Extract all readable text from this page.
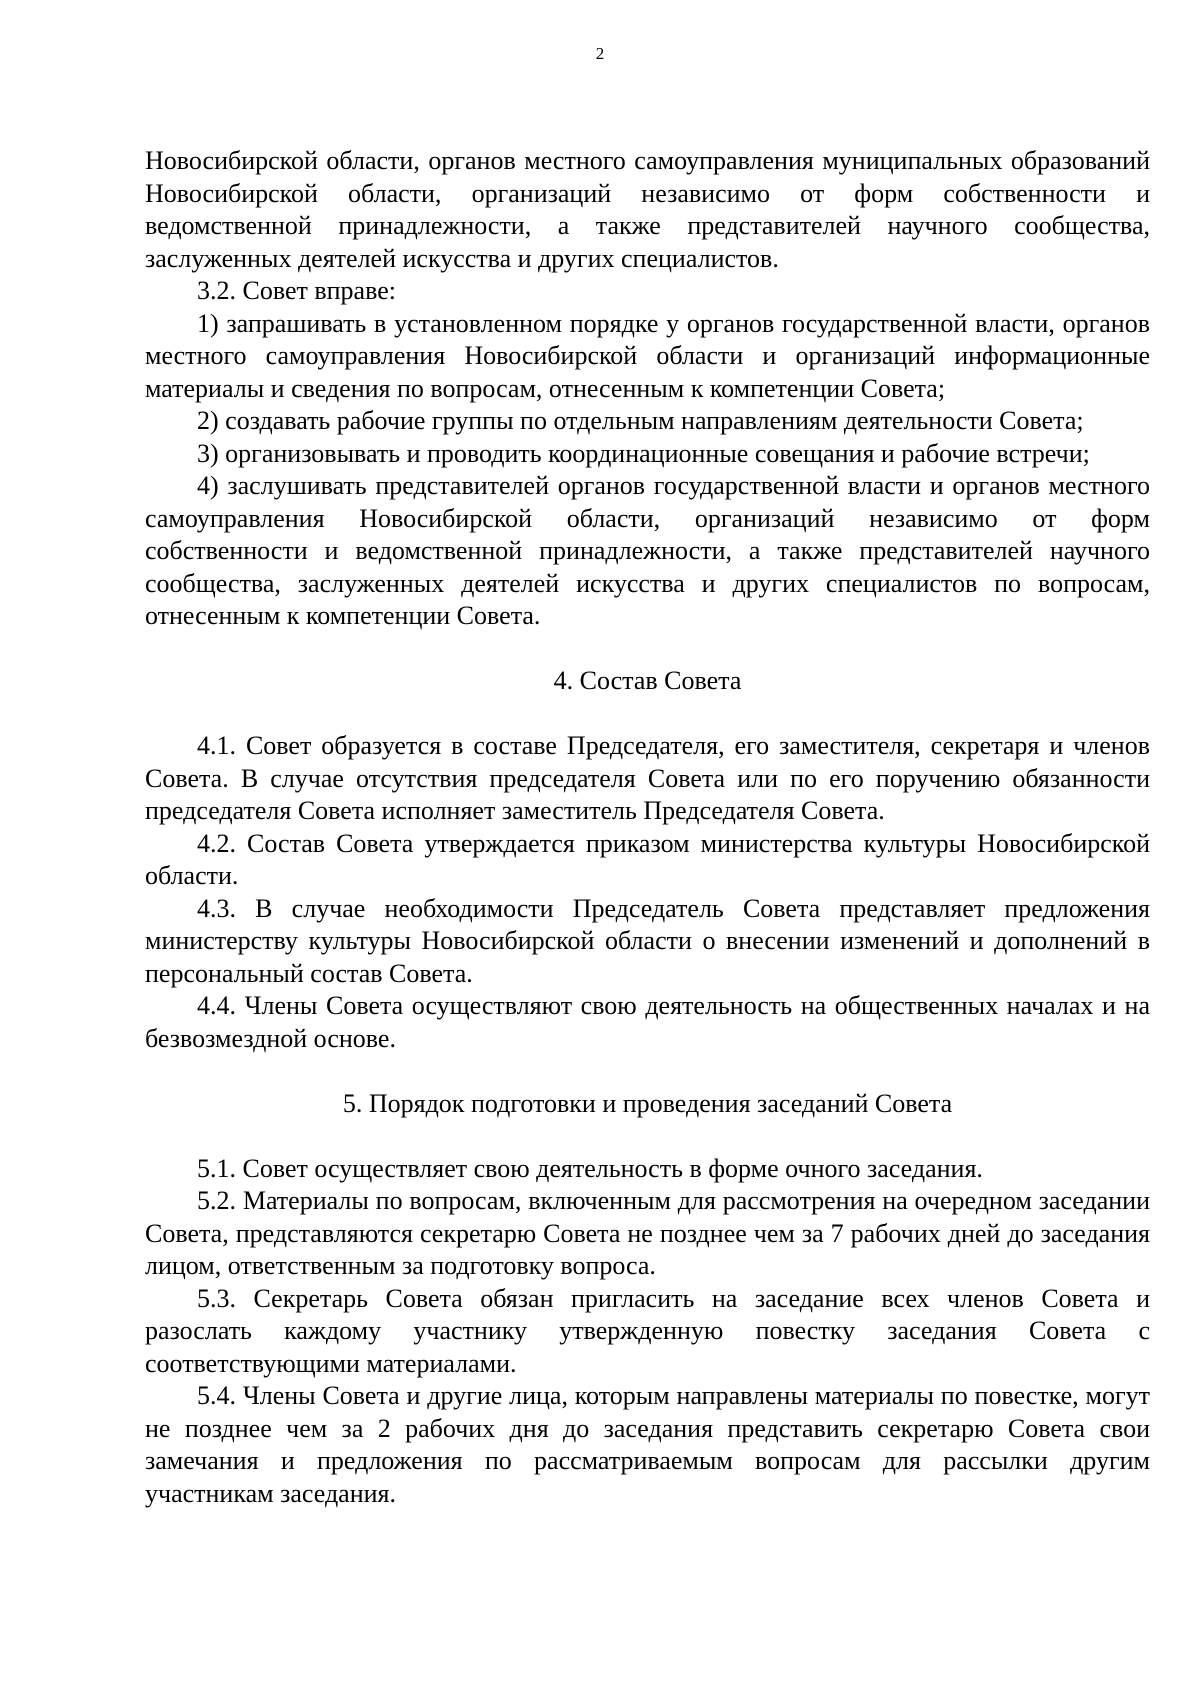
2

Новосибирской области, органов местного самоуправления муниципальных образований Новосибирской области, организаций независимо от форм собственности и ведомственной принадлежности, а также представителей научного сообщества, заслуженных деятелей искусства и других специалистов.

3.2. Совет вправе:

1) запрашивать в установленном порядке у органов государственной власти, органов местного самоуправления Новосибирской области и организаций информационные материалы и сведения по вопросам, отнесенным к компетенции Совета;

2) создавать рабочие группы по отдельным направлениям деятельности Совета;

3) организовывать и проводить координационные совещания и рабочие встречи;

4) заслушивать представителей органов государственной власти и органов местного самоуправления Новосибирской области, организаций независимо от форм собственности и ведомственной принадлежности, а также представителей научного сообщества, заслуженных деятелей искусства и других специалистов по вопросам, отнесенным к компетенции Совета.

4. Состав Совета

4.1. Совет образуется в составе Председателя, его заместителя, секретаря и членов Совета. В случае отсутствия председателя Совета или по его поручению обязанности председателя Совета исполняет заместитель Председателя Совета.

4.2. Состав Совета утверждается приказом министерства культуры Новосибирской области.

4.3. В случае необходимости Председатель Совета представляет предложения министерству культуры Новосибирской области о внесении изменений и дополнений в персональный состав Совета.

4.4. Члены Совета осуществляют свою деятельность на общественных началах и на безвозмездной основе.

5. Порядок подготовки и проведения заседаний Совета

5.1. Совет осуществляет свою деятельность в форме очного заседания.

5.2. Материалы по вопросам, включенным для рассмотрения на очередном заседании Совета, представляются секретарю Совета не позднее чем за 7 рабочих дней до заседания лицом, ответственным за подготовку вопроса.

5.3. Секретарь Совета обязан пригласить на заседание всех членов Совета и разослать каждому участнику утвержденную повестку заседания Совета с соответствующими материалами.

5.4. Члены Совета и другие лица, которым направлены материалы по повестке, могут не позднее чем за 2 рабочих дня до заседания представить секретарю Совета свои замечания и предложения по рассматриваемым вопросам для рассылки другим участникам заседания.
